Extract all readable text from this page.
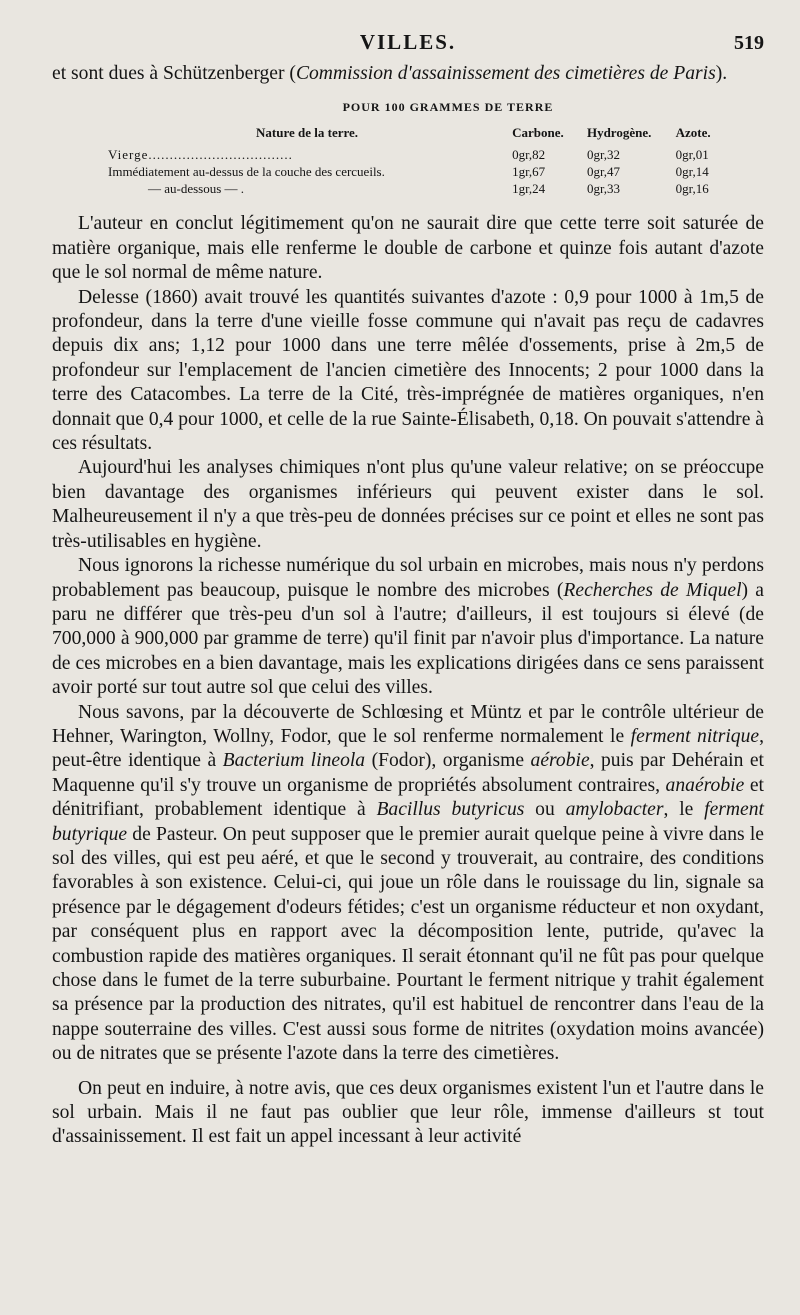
VILLES.	519

et sont dues à Schützenberger (Commission d'assainissement des cimetières de Paris).

POUR 100 GRAMMES DE TERRE
Nature de la terre.	Carbone.	Hydrogène.	Azote.
Vierge..................................	0gr,82	0gr,32	0gr,01
Immédiatement au-dessus de la couche des cercueils.	1gr,67	0gr,47	0gr,14
— au-dessous — .	1gr,24	0gr,33	0gr,16

L'auteur en conclut légitimement qu'on ne saurait dire que cette terre soit saturée de matière organique, mais elle renferme le double de carbone et quinze fois autant d'azote que le sol normal de même nature.

Delesse (1860) avait trouvé les quantités suivantes d'azote : 0,9 pour 1000 à 1m,5 de profondeur, dans la terre d'une vieille fosse commune qui n'avait pas reçu de cadavres depuis dix ans; 1,12 pour 1000 dans une terre mêlée d'ossements, prise à 2m,5 de profondeur sur l'emplacement de l'ancien cimetière des Innocents; 2 pour 1000 dans la terre des Catacombes. La terre de la Cité, très-imprégnée de matières organiques, n'en donnait que 0,4 pour 1000, et celle de la rue Sainte-Élisabeth, 0,18. On pouvait s'attendre à ces résultats.

Aujourd'hui les analyses chimiques n'ont plus qu'une valeur relative; on se préoccupe bien davantage des organismes inférieurs qui peuvent exister dans le sol. Malheureusement il n'y a que très-peu de données précises sur ce point et elles ne sont pas très-utilisables en hygiène.

Nous ignorons la richesse numérique du sol urbain en microbes, mais nous n'y perdons probablement pas beaucoup, puisque le nombre des microbes (Recherches de Miquel) a paru ne différer que très-peu d'un sol à l'autre; d'ailleurs, il est toujours si élevé (de 700,000 à 900,000 par gramme de terre) qu'il finit par n'avoir plus d'importance. La nature de ces microbes en a bien davantage, mais les explications dirigées dans ce sens paraissent avoir porté sur tout autre sol que celui des villes.

Nous savons, par la découverte de Schlœsing et Müntz et par le contrôle ultérieur de Hehner, Warington, Wollny, Fodor, que le sol renferme normalement le ferment nitrique, peut-être identique à Bacterium lineola (Fodor), organisme aérobie, puis par Dehérain et Maquenne qu'il s'y trouve un organisme de propriétés absolument contraires, anaérobie et dénitrifiant, probablement identique à Bacillus butyricus ou amylobacter, le ferment butyrique de Pasteur. On peut supposer que le premier aurait quelque peine à vivre dans le sol des villes, qui est peu aéré, et que le second y trouverait, au contraire, des conditions favorables à son existence. Celui-ci, qui joue un rôle dans le rouissage du lin, signale sa présence par le dégagement d'odeurs fétides; c'est un organisme réducteur et non oxydant, par conséquent plus en rapport avec la décomposition lente, putride, qu'avec la combustion rapide des matières organiques. Il serait étonnant qu'il ne fût pas pour quelque chose dans le fumet de la terre suburbaine. Pourtant le ferment nitrique y trahit également sa présence par la production des nitrates, qu'il est habituel de rencontrer dans l'eau de la nappe souterraine des villes. C'est aussi sous forme de nitrites (oxydation moins avancée) ou de nitrates que se présente l'azote dans la terre des cimetières.

On peut en induire, à notre avis, que ces deux organismes existent l'un et l'autre dans le sol urbain. Mais il ne faut pas oublier que leur rôle, immense d'ailleurs st tout d'assainissement. Il est fait un appel incessant à leur activité
